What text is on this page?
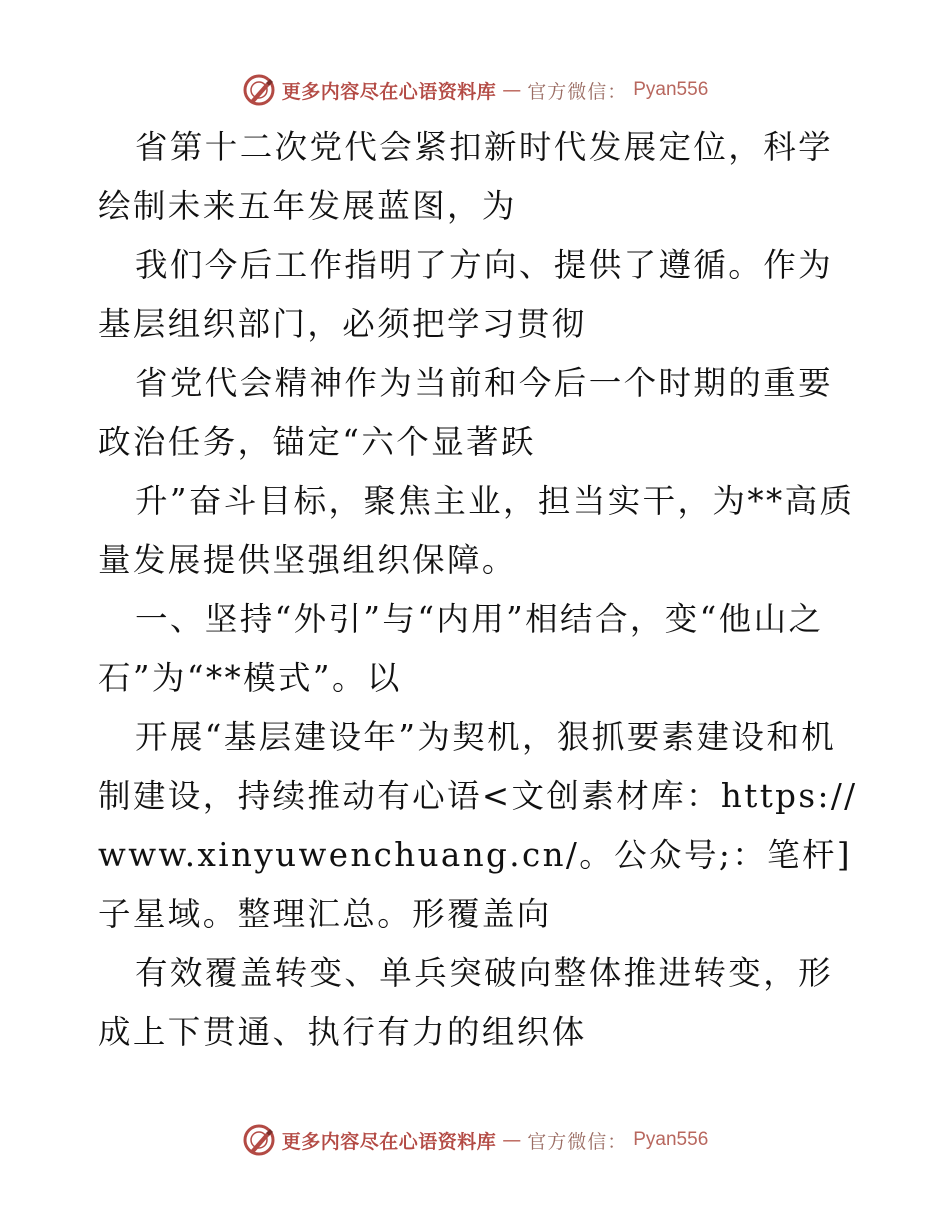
更多内容尽在心语资料库 — 官方微信： Pyan556

省第十二次党代会紧扣新时代发展定位，科学绘制未来五年发展蓝图，为

我们今后工作指明了方向、提供了遵循。作为基层组织部门，必须把学习贯彻

省党代会精神作为当前和今后一个时期的重要政治任务，锚定“六个显著跃

升”奋斗目标，聚焦主业，担当实干，为**高质量发展提供坚强组织保障。

一、坚持“外引”与“内用”相结合，变“他山之石”为“**模式”。以

开展“基层建设年”为契机，狠抓要素建设和机制建设，持续推动有心语<文创素材库：https://www.xinyuwenchuang.cn/。公众号;：笔杆]子星域。整理汇总。形覆盖向

有效覆盖转变、单兵突破向整体推进转变，形成上下贯通、执行有力的组织体

更多内容尽在心语资料库 — 官方微信： Pyan556
